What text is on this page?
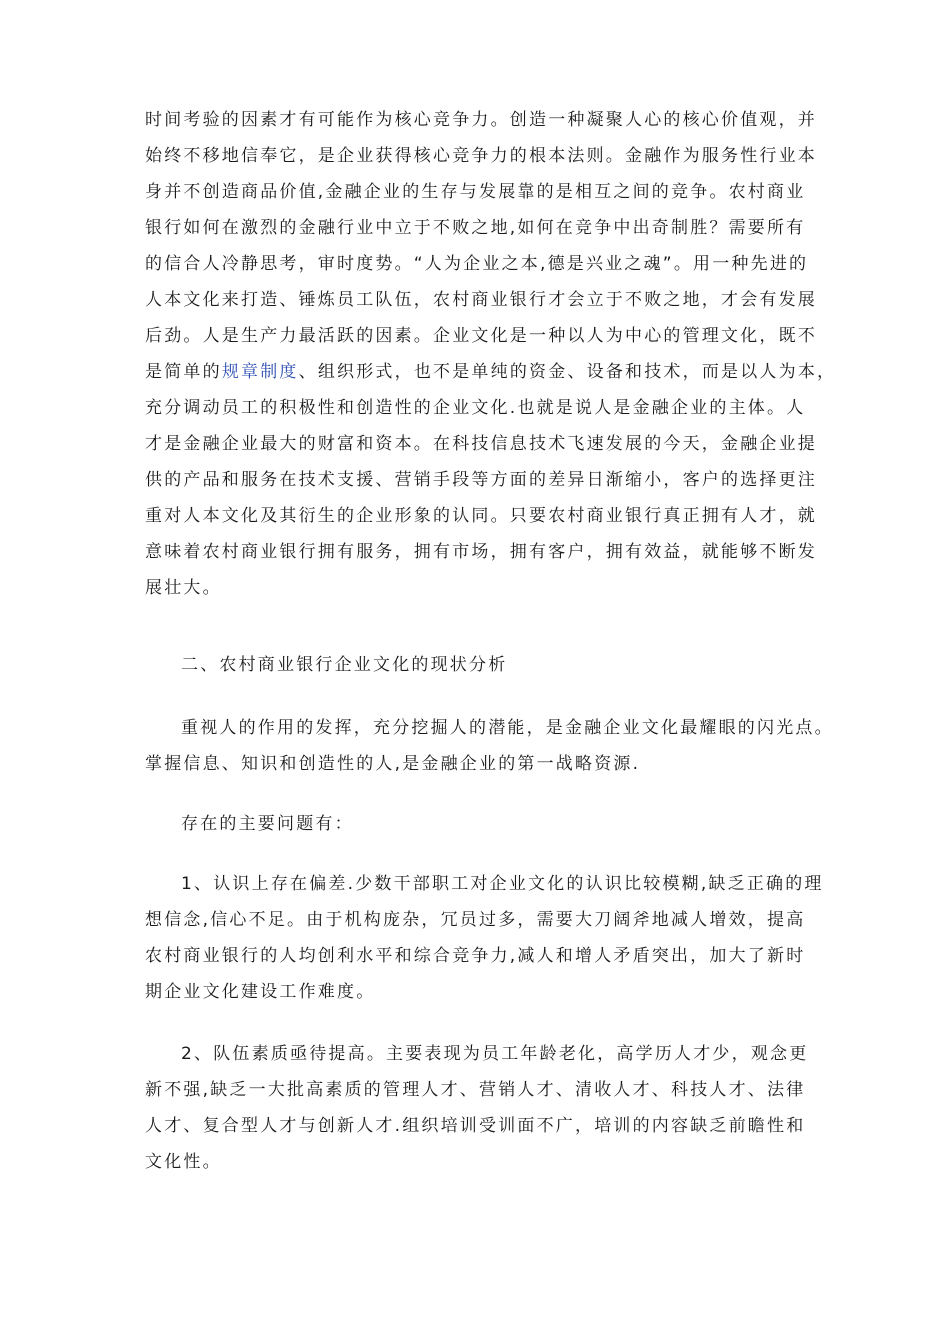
时间考验的因素才有可能作为核心竞争力。创造一种凝聚人心的核心价值观，并
始终不移地信奉它，是企业获得核心竞争力的根本法则。金融作为服务性行业本
身并不创造商品价值,金融企业的生存与发展靠的是相互之间的竞争。农村商业
银行如何在激烈的金融行业中立于不败之地,如何在竞争中出奇制胜？需要所有
的信合人冷静思考，审时度势。“人为企业之本,德是兴业之魂”。用一种先进的
人本文化来打造、锤炼员工队伍，农村商业银行才会立于不败之地，才会有发展
后劲。人是生产力最活跃的因素。企业文化是一种以人为中心的管理文化，既不
是简单的规章制度、组织形式，也不是单纯的资金、设备和技术，而是以人为本，
充分调动员工的积极性和创造性的企业文化.也就是说人是金融企业的主体。人
才是金融企业最大的财富和资本。在科技信息技术飞速发展的今天，金融企业提
供的产品和服务在技术支援、营销手段等方面的差异日渐缩小，客户的选择更注
重对人本文化及其衍生的企业形象的认同。只要农村商业银行真正拥有人才，就
意味着农村商业银行拥有服务，拥有市场，拥有客户，拥有效益，就能够不断发
展壮大。
二、农村商业银行企业文化的现状分析
重视人的作用的发挥，充分挖掘人的潜能，是金融企业文化最耀眼的闪光点。
掌握信息、知识和创造性的人,是金融企业的第一战略资源.
存在的主要问题有：
1、认识上存在偏差.少数干部职工对企业文化的认识比较模糊,缺乏正确的理
想信念,信心不足。由于机构庞杂，冗员过多，需要大刀阔斧地减人增效，提高
农村商业银行的人均创利水平和综合竞争力,减人和增人矛盾突出，加大了新时
期企业文化建设工作难度。
2、队伍素质亟待提高。主要表现为员工年龄老化，高学历人才少，观念更
新不强,缺乏一大批高素质的管理人才、营销人才、清收人才、科技人才、法律
人才、复合型人才与创新人才.组织培训受训面不广，培训的内容缺乏前瞻性和
文化性。
